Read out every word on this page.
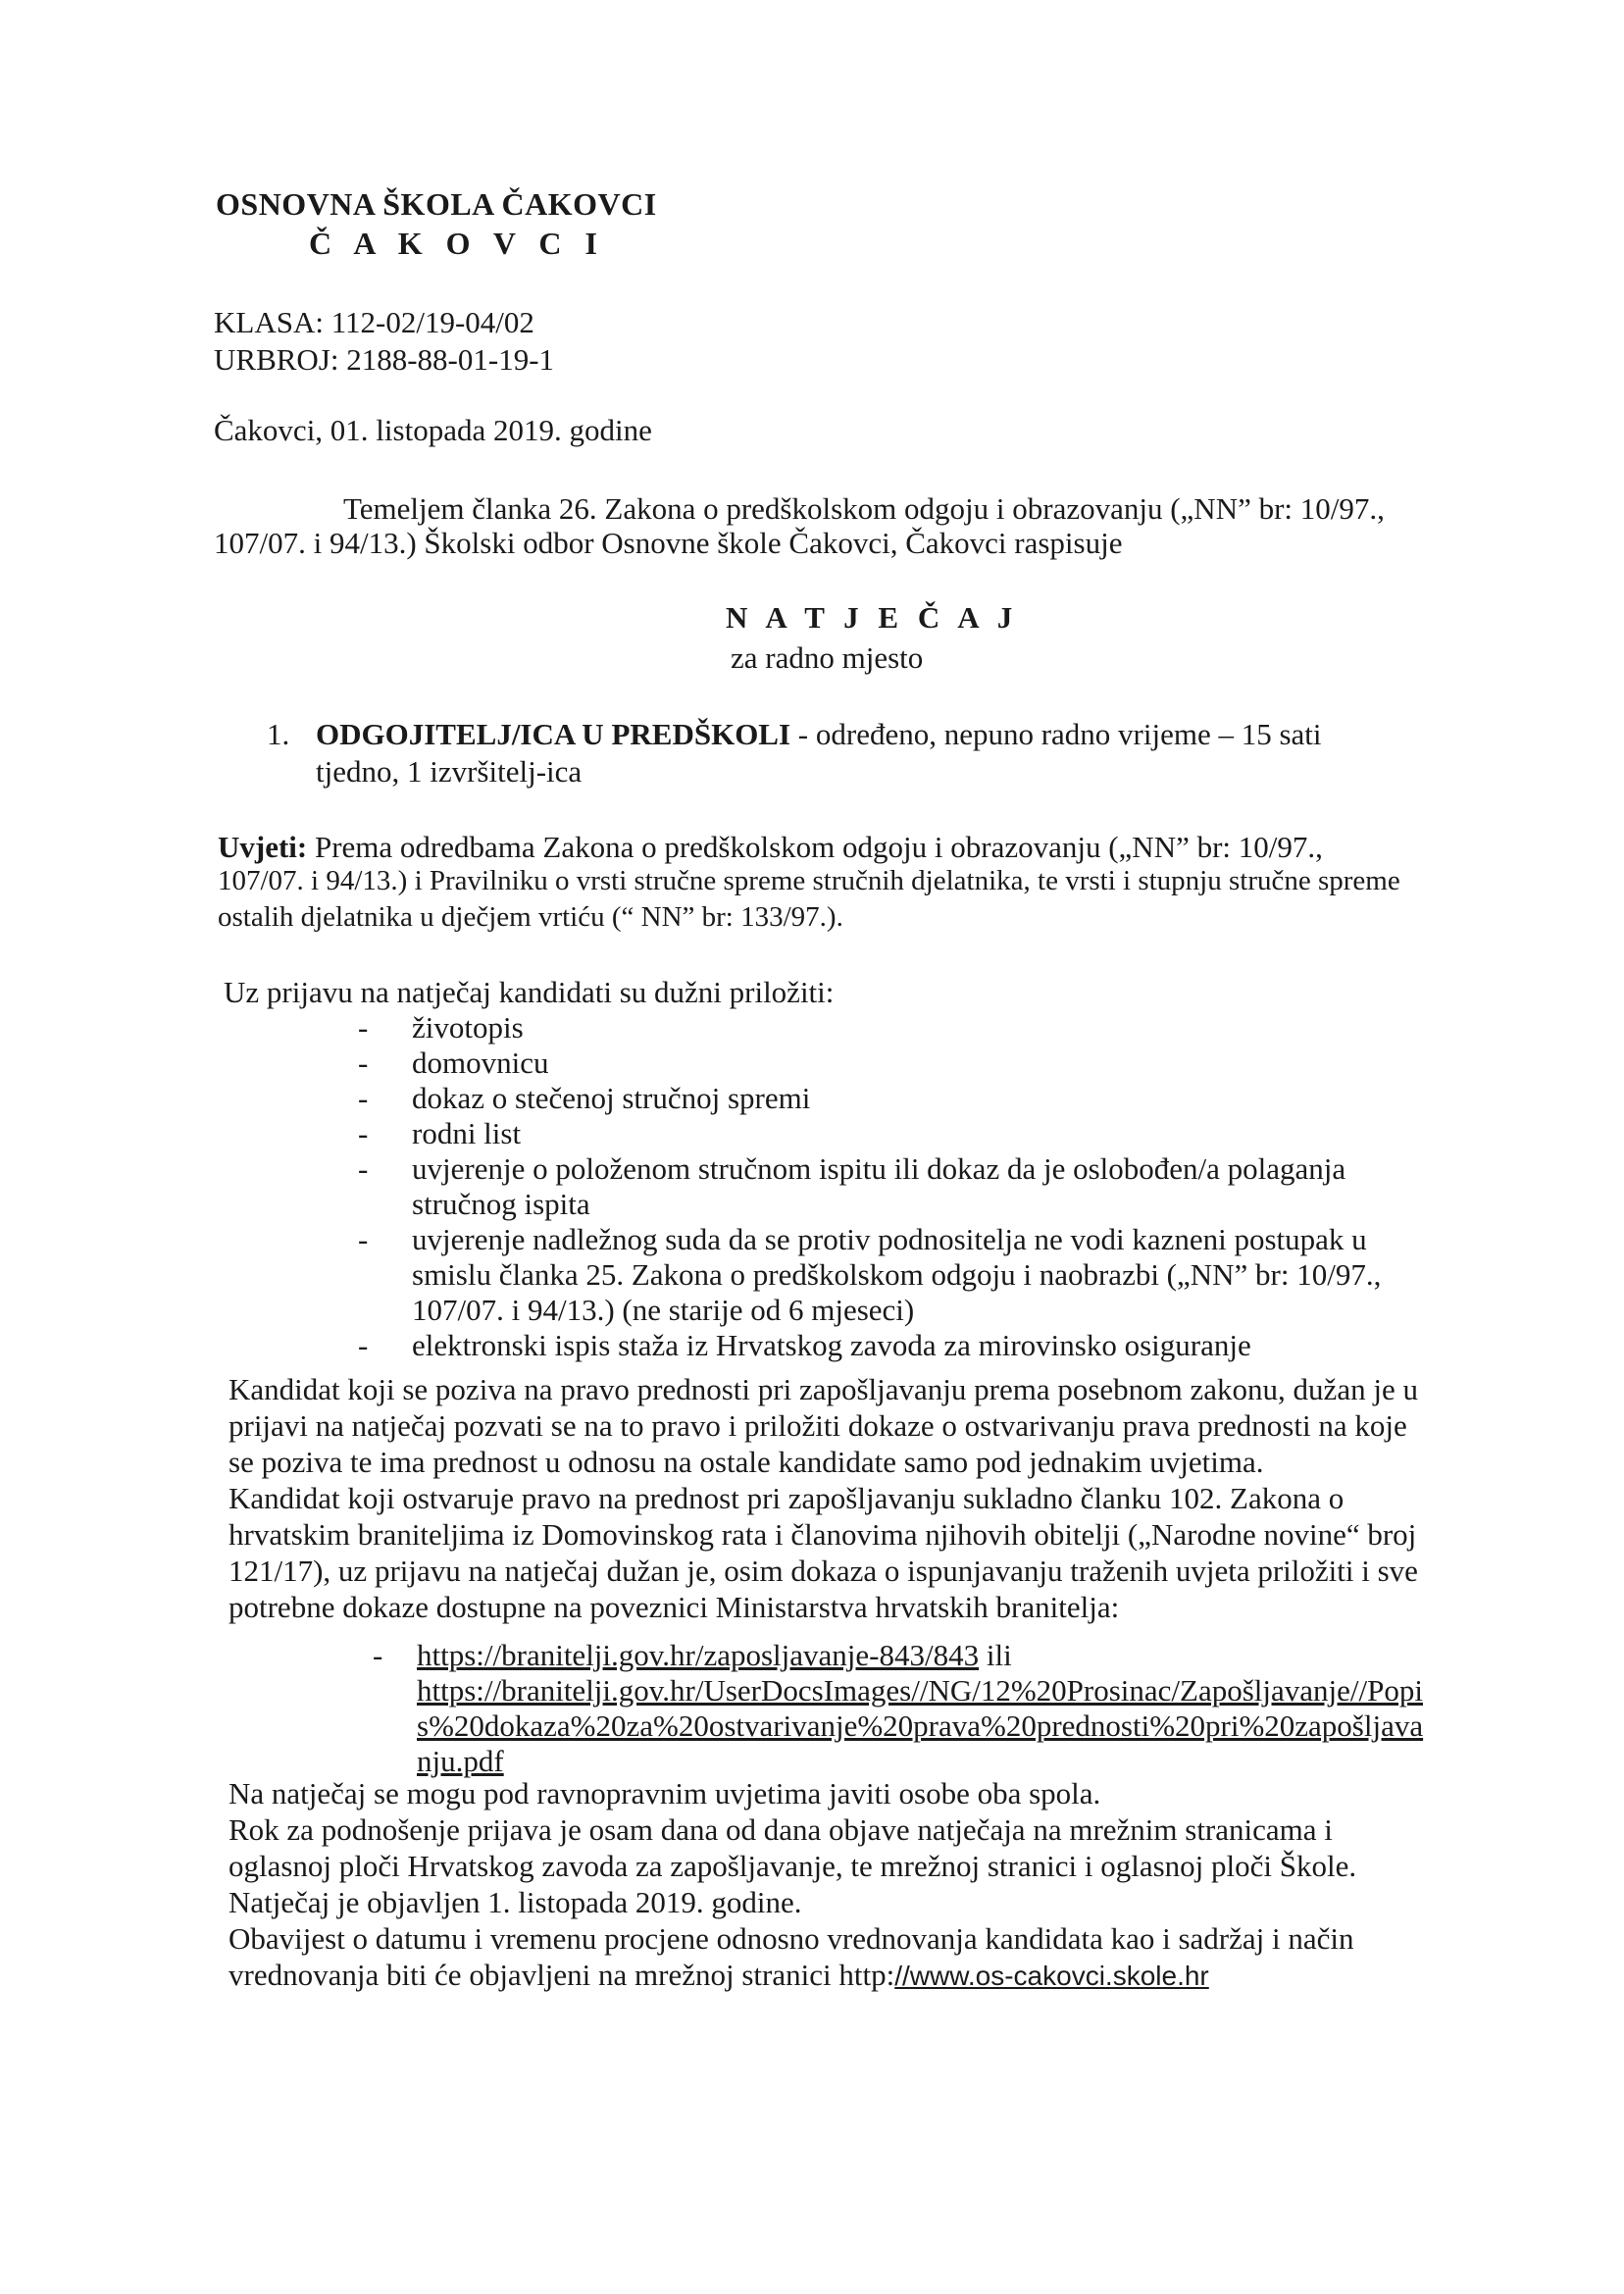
OSNOVNA ŠKOLA ČAKOVCI
Č A K O V C I
KLASA: 112-02/19-04/02
URBROJ: 2188-88-01-19-1
Čakovci, 01. listopada 2019. godine
Temeljem članka 26. Zakona o predškolskom odgoju i obrazovanju („NN” br: 10/97.,
107/07. i 94/13.) Školski odbor Osnovne škole Čakovci, Čakovci raspisuje
N A T J E Č A J
za radno mjesto
1. ODGOJITELJ/ICA U PREDŠKOLI - određeno, nepuno radno vrijeme – 15 sati
tjedno, 1 izvršitelj-ica
Uvjeti: Prema odredbama Zakona o predškolskom odgoju i obrazovanju („NN” br: 10/97.,
107/07. i 94/13.) i Pravilniku o vrsti stručne spreme stručnih djelatnika, te vrsti i stupnju stručne spreme
ostalih djelatnika u dječjem vrtiću (“ NN” br: 133/97.).
Uz prijavu na natječaj kandidati su dužni priložiti:
- životopis
- domovnicu
- dokaz o stečenoj stručnoj spremi
- rodni list
- uvjerenje o položenom stručnom ispitu ili dokaz da je oslobođen/a polaganja
stručnog ispita
- uvjerenje nadležnog suda da se protiv podnositelja ne vodi kazneni postupak u
smislu članka 25. Zakona o predškolskom odgoju i naobrazbi („NN” br: 10/97.,
107/07. i 94/13.) (ne starije od 6 mjeseci)
- elektronski ispis staža iz Hrvatskog zavoda za mirovinsko osiguranje
Kandidat koji se poziva na pravo prednosti pri zapošljavanju prema posebnom zakonu, dužan je u
prijavi na natječaj pozvati se na to pravo i priložiti dokaze o ostvarivanju prava prednosti na koje
se poziva te ima prednost u odnosu na ostale kandidate samo pod jednakim uvjetima.
Kandidat koji ostvaruje pravo na prednost pri zapošljavanju sukladno članku 102. Zakona o
hrvatskim braniteljima iz Domovinskog rata i članovima njihovih obitelji („Narodne novine“ broj
121/17), uz prijavu na natječaj dužan je, osim dokaza o ispunjavanju traženih uvjeta priložiti i sve
potrebne dokaze dostupne na poveznici Ministarstva hrvatskih branitelja:
- https://branitelji.gov.hr/zaposljavanje-843/843 ili
https://branitelji.gov.hr/UserDocsImages//NG/12%20Prosinac/Zapošljavanje//Popi
s%20dokaza%20za%20ostvarivanje%20prava%20prednosti%20pri%20zapošljava
nju.pdf
Na natječaj se mogu pod ravnopravnim uvjetima javiti osobe oba spola.
Rok za podnošenje prijava je osam dana od dana objave natječaja na mrežnim stranicama i
oglasnoj ploči Hrvatskog zavoda za zapošljavanje, te mrežnoj stranici i oglasnoj ploči Škole.
Natječaj je objavljen 1. listopada 2019. godine.
Obavijest o datumu i vremenu procjene odnosno vrednovanja kandidata kao i sadržaj i način
vrednovanja biti će objavljeni na mrežnoj stranici http://www.os-cakovci.skole.hr
